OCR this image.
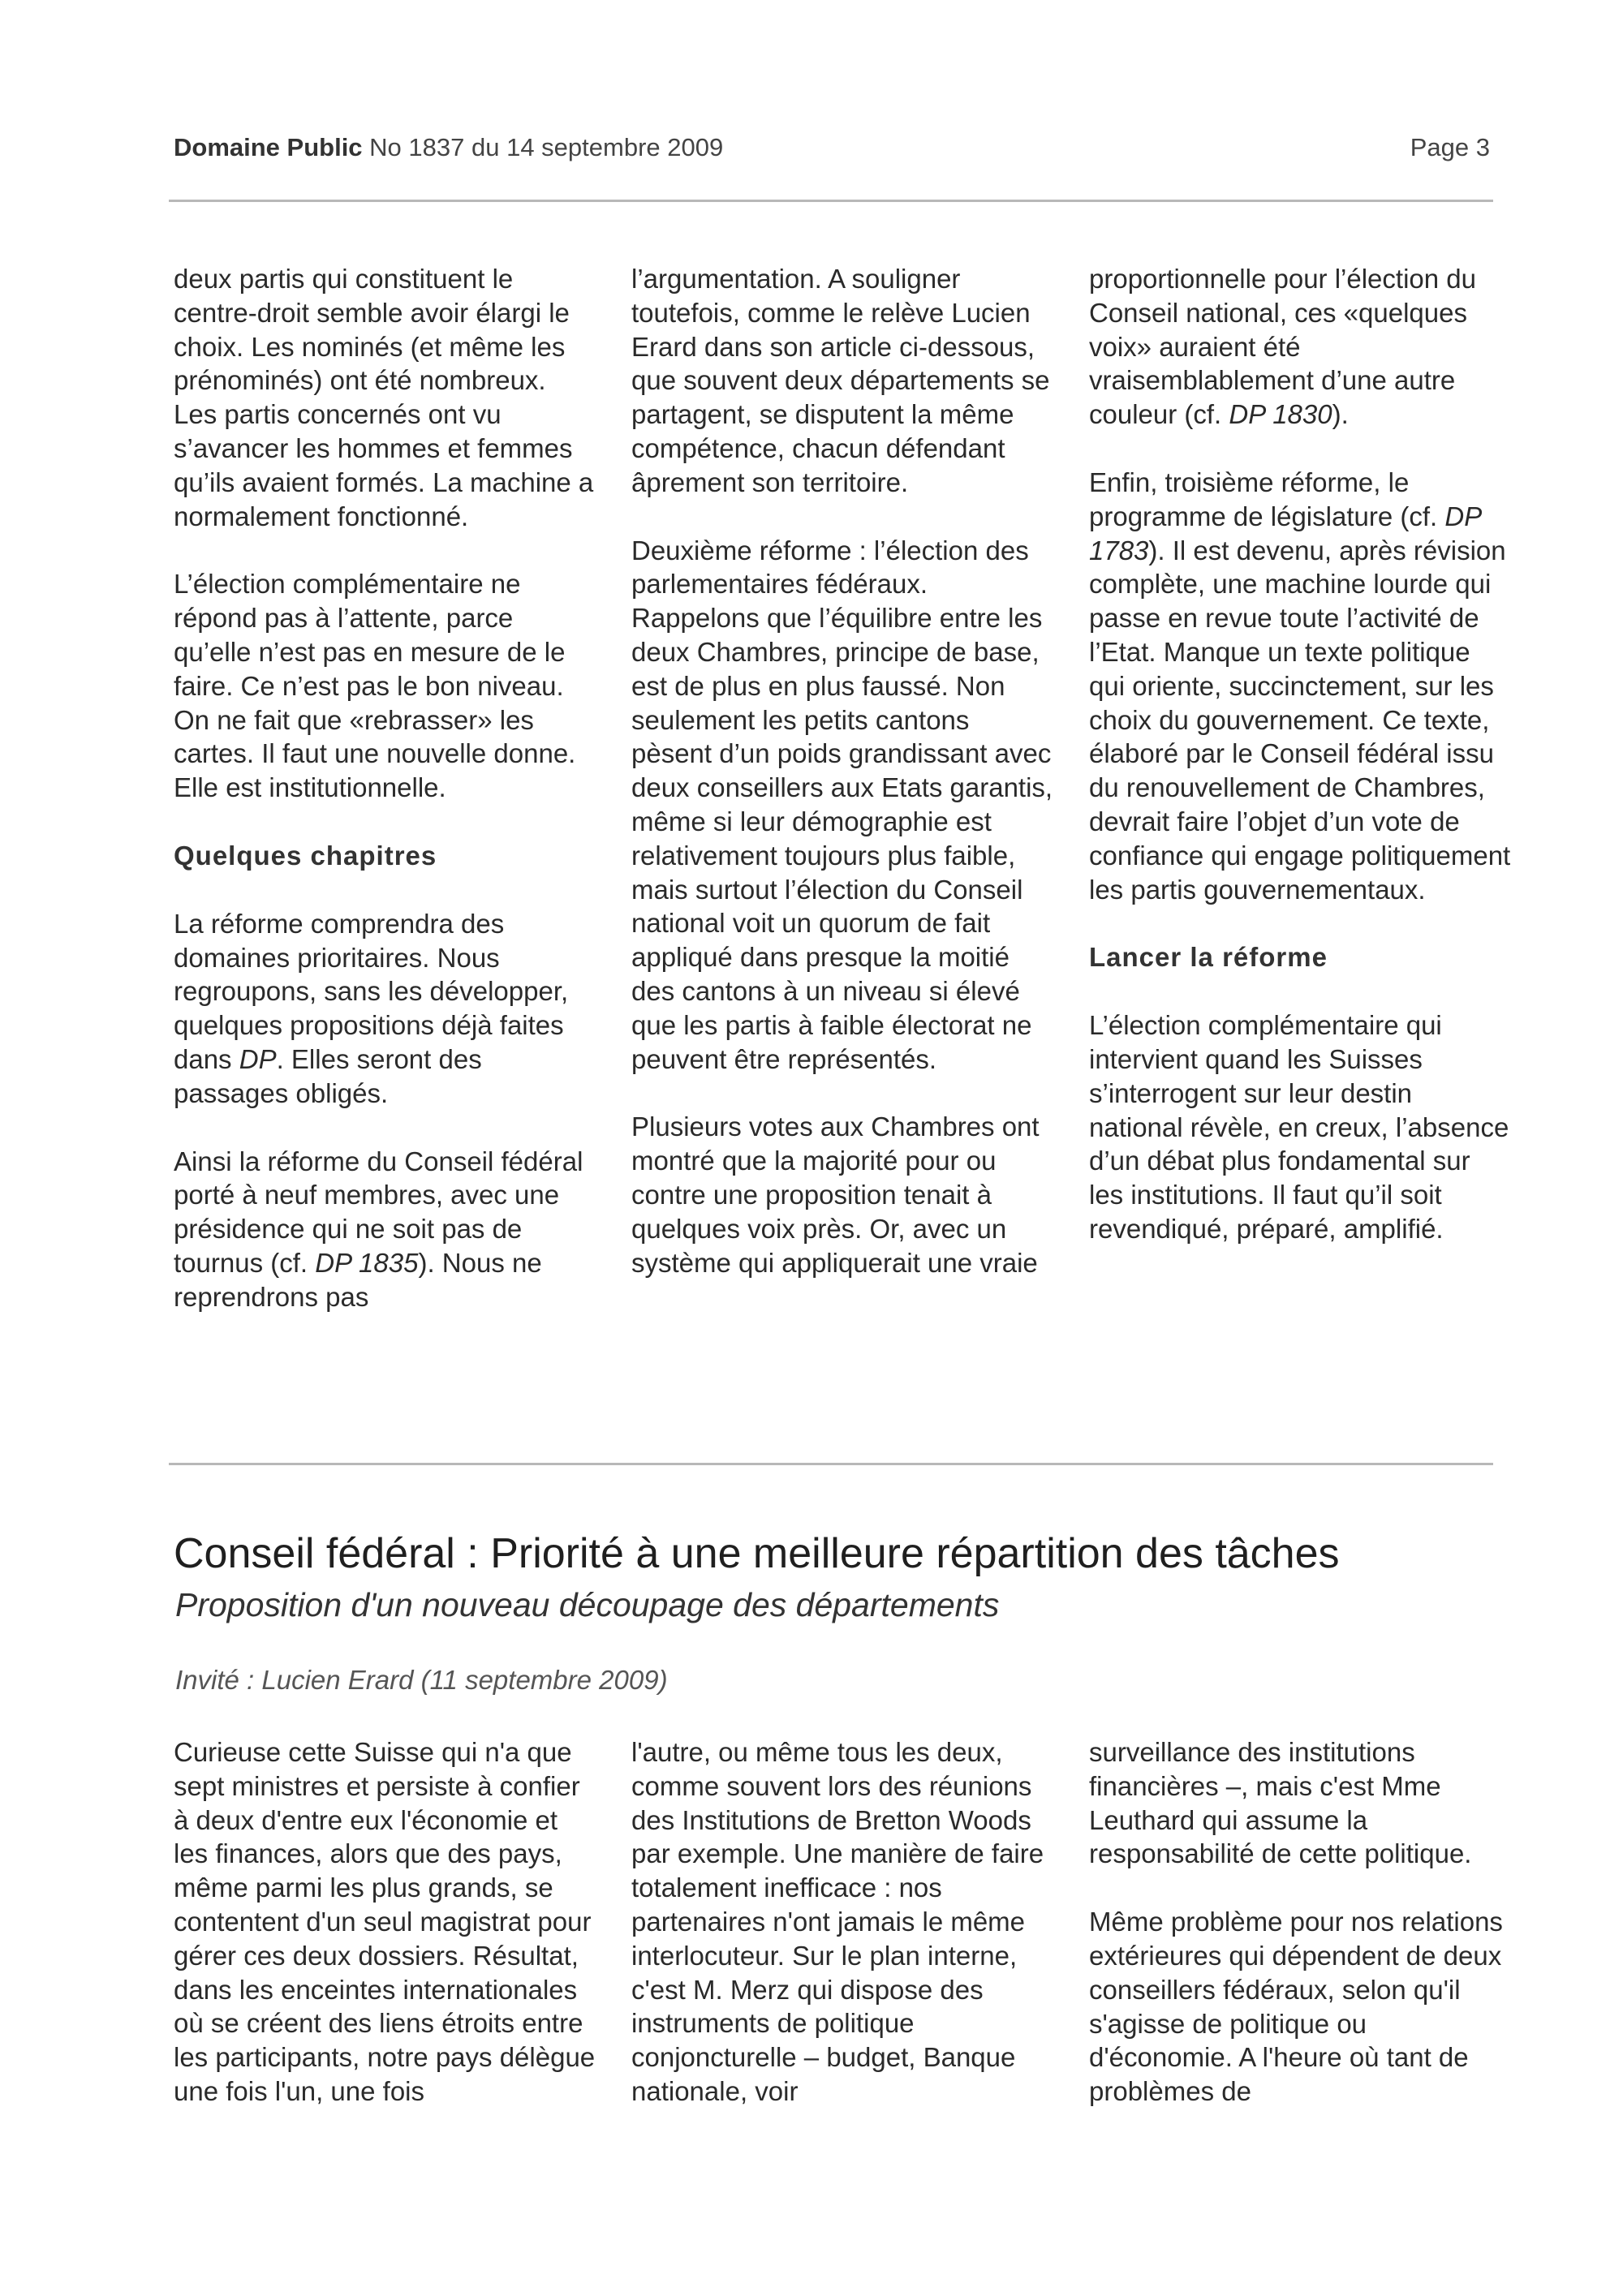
Domaine Public No 1837 du 14 septembre 2009	Page 3

deux partis qui constituent le centre-droit semble avoir élargi le choix. Les nominés (et même les prénominés) ont été nombreux. Les partis concernés ont vu s’avancer les hommes et femmes qu’ils avaient formés. La machine a normalement fonctionné.

L’élection complémentaire ne répond pas à l’attente, parce qu’elle n’est pas en mesure de le faire. Ce n’est pas le bon niveau. On ne fait que «rebrasser» les cartes. Il faut une nouvelle donne. Elle est institutionnelle.

Quelques chapitres

La réforme comprendra des domaines prioritaires. Nous regroupons, sans les développer, quelques propositions déjà faites dans DP. Elles seront des passages obligés.

Ainsi la réforme du Conseil fédéral porté à neuf membres, avec une présidence qui ne soit pas de tournus (cf. DP 1835). Nous ne reprendrons pas

l’argumentation. A souligner toutefois, comme le relève Lucien Erard dans son article ci-dessous, que souvent deux départements se partagent, se disputent la même compétence, chacun défendant âprement son territoire.

Deuxième réforme : l’élection des parlementaires fédéraux. Rappelons que l’équilibre entre les deux Chambres, principe de base, est de plus en plus faussé. Non seulement les petits cantons pèsent d’un poids grandissant avec deux conseillers aux Etats garantis, même si leur démographie est relativement toujours plus faible, mais surtout l’élection du Conseil national voit un quorum de fait appliqué dans presque la moitié des cantons à un niveau si élevé que les partis à faible électorat ne peuvent être représentés.

Plusieurs votes aux Chambres ont montré que la majorité pour ou contre une proposition tenait à quelques voix près. Or, avec un système qui appliquerait une vraie

proportionnelle pour l’élection du Conseil national, ces «quelques voix» auraient été vraisemblablement d’une autre couleur (cf. DP 1830).

Enfin, troisième réforme, le programme de législature (cf. DP 1783). Il est devenu, après révision complète, une machine lourde qui passe en revue toute l’activité de l’Etat. Manque un texte politique qui oriente, succinctement, sur les choix du gouvernement. Ce texte, élaboré par le Conseil fédéral issu du renouvellement de Chambres, devrait faire l’objet d’un vote de confiance qui engage politiquement les partis gouvernementaux.

Lancer la réforme

L’élection complémentaire qui intervient quand les Suisses s’interrogent sur leur destin national révèle, en creux, l’absence d’un débat plus fondamental sur les institutions. Il faut qu’il soit revendiqué, préparé, amplifié.

Conseil fédéral : Priorité à une meilleure répartition des tâches
Proposition d'un nouveau découpage des départements
Invité : Lucien Erard (11 septembre 2009)

Curieuse cette Suisse qui n'a que sept ministres et persiste à confier à deux d'entre eux l'économie et les finances, alors que des pays, même parmi les plus grands, se contentent d'un seul magistrat pour gérer ces deux dossiers. Résultat, dans les enceintes internationales où se créent des liens étroits entre les participants, notre pays délègue une fois l'un, une fois

l'autre, ou même tous les deux, comme souvent lors des réunions des Institutions de Bretton Woods par exemple. Une manière de faire totalement inefficace : nos partenaires n'ont jamais le même interlocuteur. Sur le plan interne, c'est M. Merz qui dispose des instruments de politique conjoncturelle – budget, Banque nationale, voir

surveillance des institutions financières –, mais c'est Mme Leuthard qui assume la responsabilité de cette politique.

Même problème pour nos relations extérieures qui dépendent de deux conseillers fédéraux, selon qu'il s'agisse de politique ou d'économie. A l'heure où tant de problèmes de
